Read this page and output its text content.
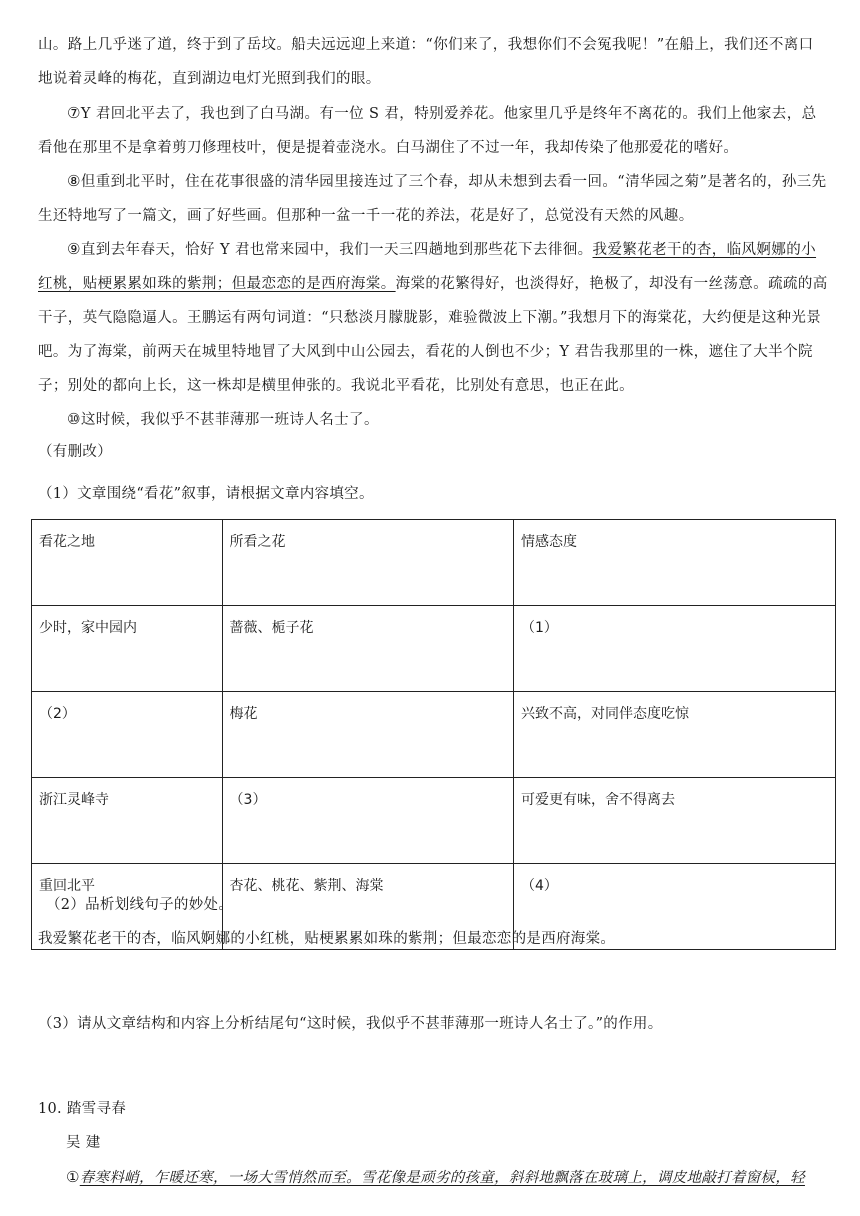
山。路上几乎迷了道，终于到了岳坟。船夫远远迎上来道：“你们来了，我想你们不会冤我呢！”在船上，我们还不离口
地说着灵峰的梅花，直到湖边电灯光照到我们的眼。

⑦Y 君回北平去了，我也到了白马湖。有一位 S 君，特别爱养花。他家里几乎是终年不离花的。我们上他家去，总看他在那里不是拿着剪刀修理枝叶，便是提着壶浇水。白马湖住了不过一年，我却传染了他那爱花的嗜好。

⑧但重到北平时，住在花事很盛的清华园里接连过了三个春，却从未想到去看一回。“清华园之菊”是著名的，孙三先生还特地写了一篇文，画了好些画。但那种一盆一千一花的养法，花是好了，总觉没有天然的风趣。

⑨直到去年春天，恰好 Y 君也常来园中，我们一天三四趟地到那些花下去徘徊。我爱繁花老干的杏，临风婀娜的小红桃，贴梗累累如珠的紫荆；但最恋恋的是西府海棠。海棠的花繁得好，也淡得好，艳极了，却没有一丝荡意。疏疏的高干子，英气隐隐逼人。王鹏运有两句词道：“只愁淡月朦胧影，难验微波上下潮。”我想月下的海棠花，大约便是这种光景吧。为了海棠，前两天在城里特地冒了大风到中山公园去，看花的人倒也不少；Y 君告我那里的一株，遮住了大半个院子；别处的都向上长，这一株却是横里伸张的。我说北平看花，比别处有意思，也正在此。

⑩这时候，我似乎不甚菲薄那一班诗人名士了。

（有删改）

（1）文章围绕“看花”叙事，请根据文章内容填空。

看花之地	所看之花	情感态度
少时，家中园内	蔷薇、栀子花	（1）
（2）	梅花	兴致不高，对同伴态度吃惊
浙江灵峰寺	（3）	可爱更有味，舍不得离去
重回北平	杏花、桃花、紫荆、海棠	（4）

（2）品析划线句子的妙处。

我爱繁花老干的杏，临风婀娜的小红桃，贴梗累累如珠的紫荆；但最恋恋的是西府海棠。

（3）请从文章结构和内容上分析结尾句“这时候，我似乎不甚菲薄那一班诗人名士了。”的作用。

10. 踏雪寻春

吴 建

①春寒料峭，乍暖还寒，一场大雪悄然而至。雪花像是顽劣的孩童，斜斜地飘落在玻璃上，调皮地敲打着窗棂，轻
